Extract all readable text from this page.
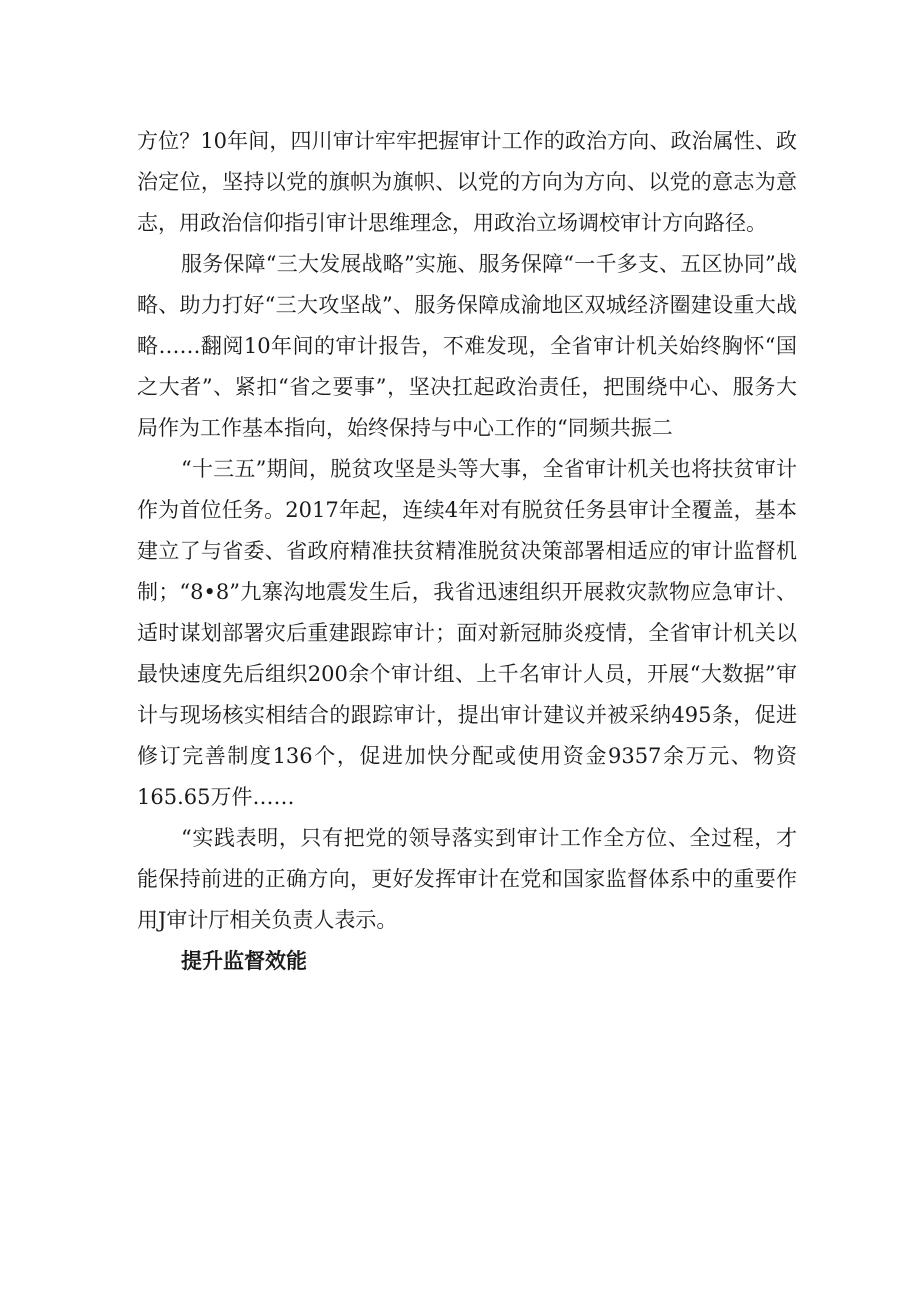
方位？10年间，四川审计牢牢把握审计工作的政治方向、政治属性、政治定位，坚持以党的旗帜为旗帜、以党的方向为方向、以党的意志为意志，用政治信仰指引审计思维理念，用政治立场调校审计方向路径。

服务保障“三大发展战略”实施、服务保障“一千多支、五区协同”战略、助力打好“三大攻坚战”、服务保障成渝地区双城经济圈建设重大战略……翻阅10年间的审计报告，不难发现，全省审计机关始终胸怀“国之大者”、紧扣“省之要事”，坚决扛起政治责任，把围绕中心、服务大局作为工作基本指向，始终保持与中心工作的“同频共振二

“十三五”期间，脱贫攻坚是头等大事，全省审计机关也将扶贫审计作为首位任务。2017年起，连续4年对有脱贫任务县审计全覆盖，基本建立了与省委、省政府精准扶贫精准脱贫决策部署相适应的审计监督机制；“8•8”九寨沟地震发生后，我省迅速组织开展救灾款物应急审计、适时谋划部署灾后重建跟踪审计；面对新冠肺炎疫情，全省审计机关以最快速度先后组织200余个审计组、上千名审计人员，开展“大数据”审计与现场核实相结合的跟踪审计，提出审计建议并被采纳495条，促进修订完善制度136个，促进加快分配或使用资金9357余万元、物资165.65万件……

“实践表明，只有把党的领导落实到审计工作全方位、全过程，才能保持前进的正确方向，更好发挥审计在党和国家监督体系中的重要作用J审计厅相关负责人表示。

提升监督效能
